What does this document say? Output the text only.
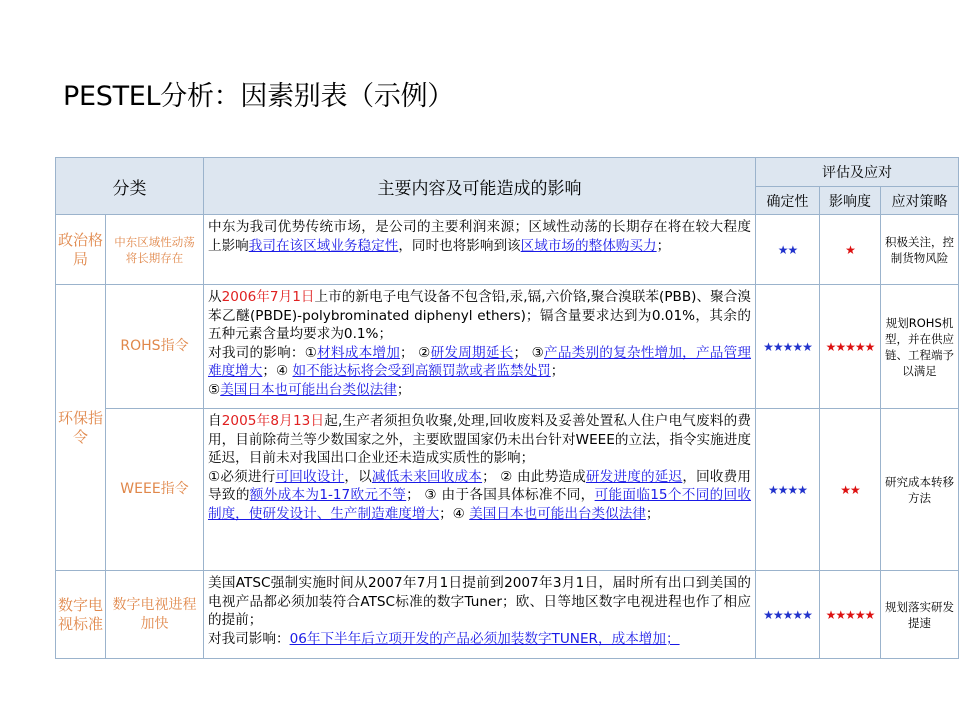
PESTEL分析：因素别表（示例）
分类		主要内容及可能造成的影响	评估及应对		
			确定性	影响度	应对策略
政治格局	中东区域性动荡将长期存在	中东为我司优势传统市场，是公司的主要利润来源；区域性动荡的长期存在将在较大程度上影响我司在该区域业务稳定性，同时也将影响到该区域市场的整体购买力；	★★	★	积极关注，控制货物风险
环保指令	ROHS指令	从2006年7月1日上市的新电子电气设备不包含铅,汞,镉,六价铬,聚合溴联苯(PBB)、聚合溴苯乙醚(PBDE)-polybrominated diphenyl ethers)；镉含量要求达到为0.01%，其余的五种元素含量均要求为0.1%；
对我司的影响：①材料成本增加； ②研发周期延长； ③产品类别的复杂性增加，产品管理难度增大；④ 如不能达标将会受到高额罚款或者监禁处罚；
⑤美国日本也可能出台类似法律；	★★★★★	★★★★★	规划ROHS机型，并在供应链、工程端予以满足
	WEEE指令	自2005年8月13日起,生产者须担负收聚,处理,回收废料及妥善处置私人住户电气废料的费用，目前除荷兰等少数国家之外，主要欧盟国家仍未出台针对WEEE的立法，指令实施进度延迟，目前未对我国出口企业还未造成实质性的影响；
①必须进行可回收设计，以减低未来回收成本； ② 由此势造成研发进度的延迟，回收费用导致的额外成本为1-17欧元不等； ③ 由于各国具体标准不同，可能面临15个不同的回收制度，使研发设计、生产制造难度增大；④ 美国日本也可能出台类似法律；	★★★★	★★	研究成本转移方法
数字电视标准	数字电视进程加快	美国ATSC强制实施时间从2007年7月1日提前到2007年3月1日，届时所有出口到美国的电视产品都必须加装符合ATSC标准的数字Tuner；欧、日等地区数字电视进程也作了相应的提前；
对我司影响：06年下半年后立项开发的产品必须加装数字TUNER，成本增加；	★★★★★	★★★★★	规划落实研发提速
